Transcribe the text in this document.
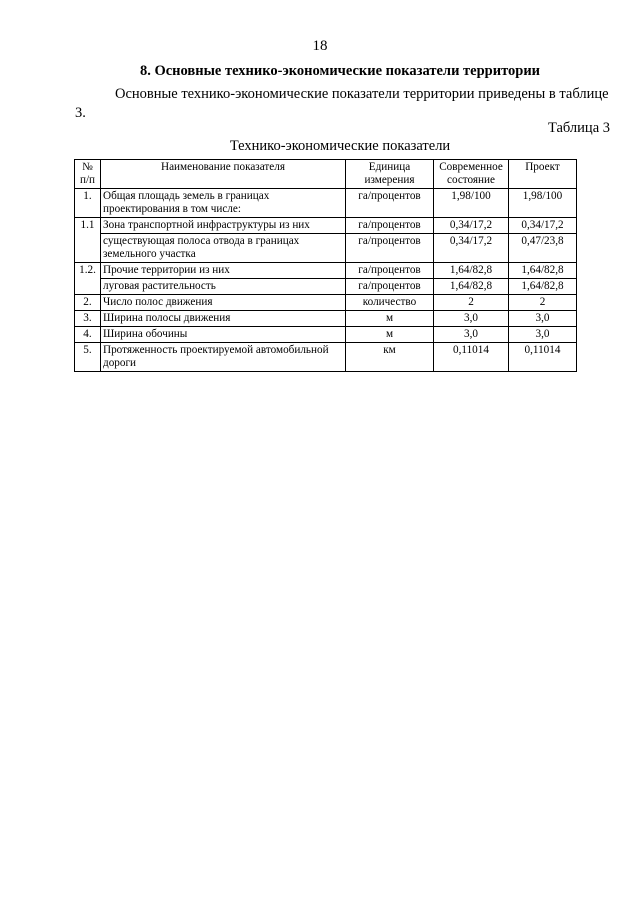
18
8. Основные технико-экономические показатели территории
Основные технико-экономические показатели территории приведены в таблице 3.
Таблица 3
Технико-экономические показатели
№ п/п	Наименование показателя	Единица измерения	Современное состояние	Проект
1.	Общая площадь земель в границах проектирования в том числе:	га/процентов	1,98/100	1,98/100
1.1	Зона транспортной инфраструктуры из них	га/процентов	0,34/17,2	0,34/17,2
	существующая полоса отвода в границах земельного участка	га/процентов	0,34/17,2	0,47/23,8
1.2.	Прочие территории из них	га/процентов	1,64/82,8	1,64/82,8
	луговая растительность	га/процентов	1,64/82,8	1,64/82,8
2.	Число полос движения	количество	2	2
3.	Ширина полосы движения	м	3,0	3,0
4.	Ширина обочины	м	3,0	3,0
5.	Протяженность проектируемой автомобильной дороги	км	0,11014	0,11014
